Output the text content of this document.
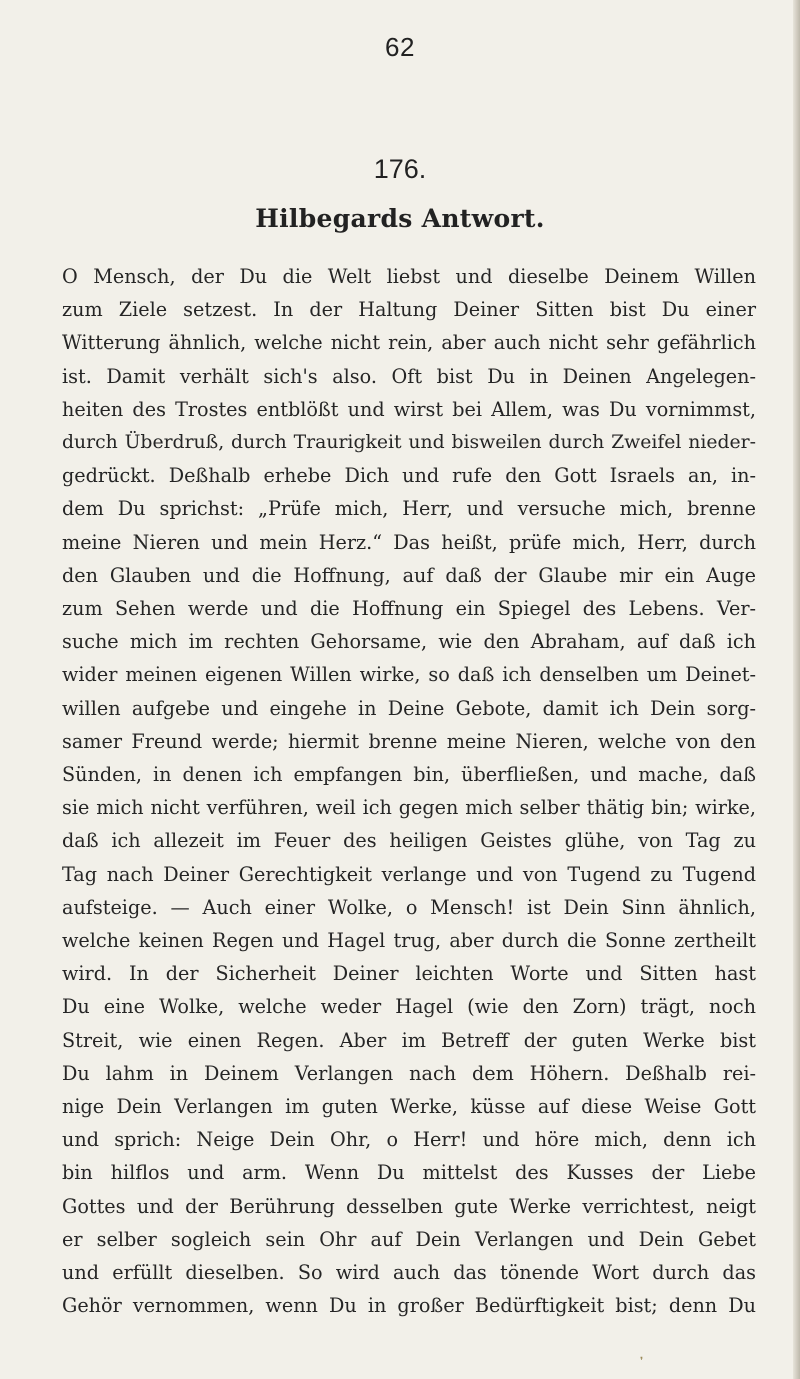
62
176.
Hilbegards Antwort.
O Mensch, der Du die Welt liebst und dieselbe Deinem Willen
zum Ziele setzest. In der Haltung Deiner Sitten bist Du einer
Witterung ähnlich, welche nicht rein, aber auch nicht sehr gefährlich
ist. Damit verhält sich's also. Oft bist Du in Deinen Angelegen-
heiten des Trostes entblößt und wirst bei Allem, was Du vornimmst,
durch Überdruß, durch Traurigkeit und bisweilen durch Zweifel nieder-
gedrückt. Deßhalb erhebe Dich und rufe den Gott Israels an, in-
dem Du sprichst: „Prüfe mich, Herr, und versuche mich, brenne
meine Nieren und mein Herz.“ Das heißt, prüfe mich, Herr, durch
den Glauben und die Hoffnung, auf daß der Glaube mir ein Auge
zum Sehen werde und die Hoffnung ein Spiegel des Lebens. Ver-
suche mich im rechten Gehorsame, wie den Abraham, auf daß ich
wider meinen eigenen Willen wirke, so daß ich denselben um Deinet-
willen aufgebe und eingehe in Deine Gebote, damit ich Dein sorg-
samer Freund werde; hiermit brenne meine Nieren, welche von den
Sünden, in denen ich empfangen bin, überfließen, und mache, daß
sie mich nicht verführen, weil ich gegen mich selber thätig bin; wirke,
daß ich allezeit im Feuer des heiligen Geistes glühe, von Tag zu
Tag nach Deiner Gerechtigkeit verlange und von Tugend zu Tugend
aufsteige. — Auch einer Wolke, o Mensch! ist Dein Sinn ähnlich,
welche keinen Regen und Hagel trug, aber durch die Sonne zertheilt
wird. In der Sicherheit Deiner leichten Worte und Sitten hast
Du eine Wolke, welche weder Hagel (wie den Zorn) trägt, noch
Streit, wie einen Regen. Aber im Betreff der guten Werke bist
Du lahm in Deinem Verlangen nach dem Höhern. Deßhalb rei-
nige Dein Verlangen im guten Werke, küsse auf diese Weise Gott
und sprich: Neige Dein Ohr, o Herr! und höre mich, denn ich
bin hilflos und arm. Wenn Du mittelst des Kusses der Liebe
Gottes und der Berührung desselben gute Werke verrichtest, neigt
er selber sogleich sein Ohr auf Dein Verlangen und Dein Gebet
und erfüllt dieselben. So wird auch das tönende Wort durch das
Gehör vernommen, wenn Du in großer Bedürftigkeit bist; denn Du
❜
